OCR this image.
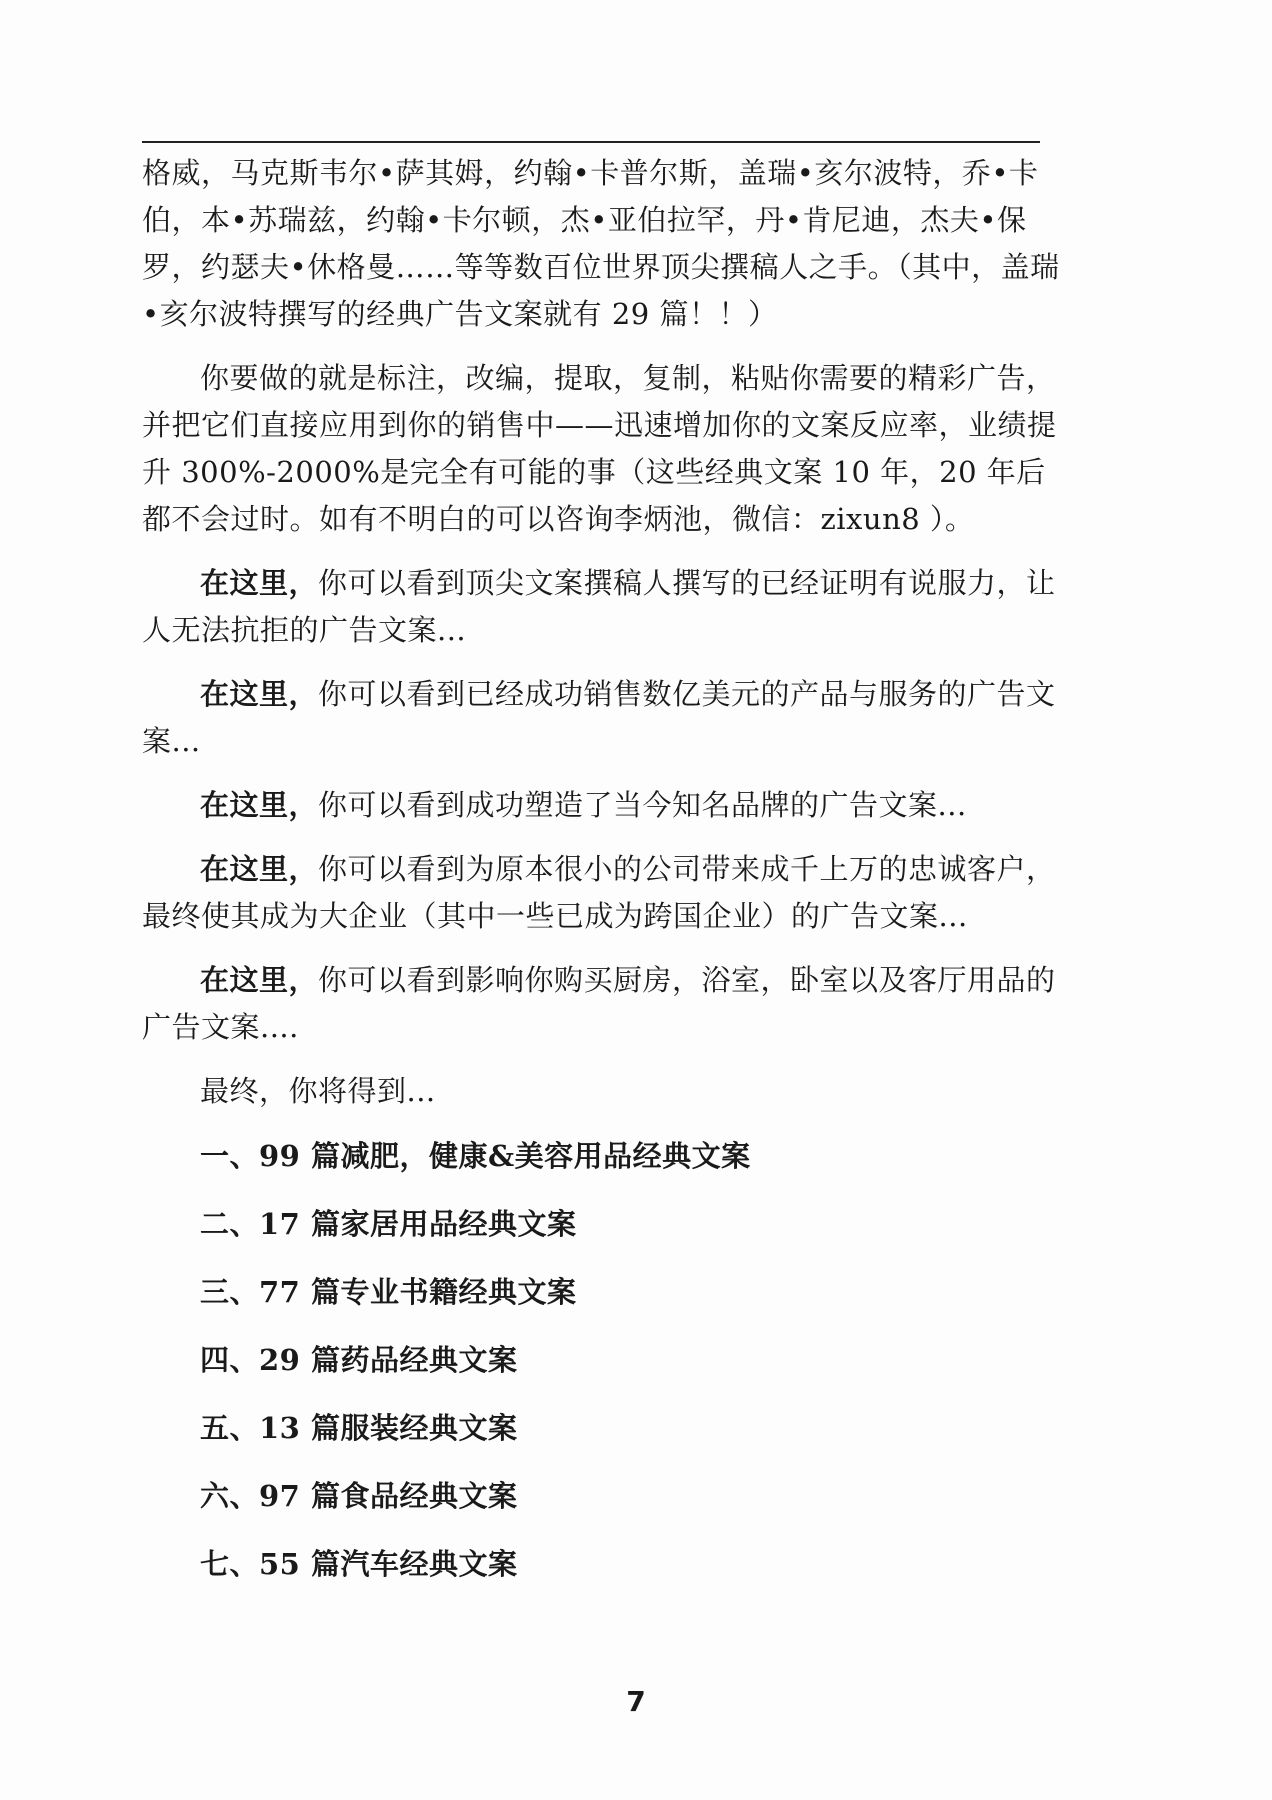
格威，马克斯韦尔•萨其姆，约翰•卡普尔斯，盖瑞•亥尔波特，乔•卡伯，本•苏瑞兹，约翰•卡尔顿，杰•亚伯拉罕，丹•肯尼迪，杰夫•保罗，约瑟夫•休格曼……等等数百位世界顶尖撰稿人之手。（其中，盖瑞•亥尔波特撰写的经典广告文案就有 29 篇！！）

你要做的就是标注，改编，提取，复制，粘贴你需要的精彩广告，并把它们直接应用到你的销售中——迅速增加你的文案反应率，业绩提升 300%-2000%是完全有可能的事（这些经典文案 10 年，20 年后都不会过时。如有不明白的可以咨询李炳池，微信：zixun8 ）。

在这里，你可以看到顶尖文案撰稿人撰写的已经证明有说服力，让人无法抗拒的广告文案...

在这里，你可以看到已经成功销售数亿美元的产品与服务的广告文案...

在这里，你可以看到成功塑造了当今知名品牌的广告文案...

在这里，你可以看到为原本很小的公司带来成千上万的忠诚客户，最终使其成为大企业（其中一些已成为跨国企业）的广告文案...

在这里，你可以看到影响你购买厨房，浴室，卧室以及客厅用品的广告文案....

最终，你将得到...

一、99 篇减肥，健康&美容用品经典文案
二、17 篇家居用品经典文案
三、77 篇专业书籍经典文案
四、29 篇药品经典文案
五、13 篇服装经典文案
六、97 篇食品经典文案
七、55 篇汽车经典文案
7
